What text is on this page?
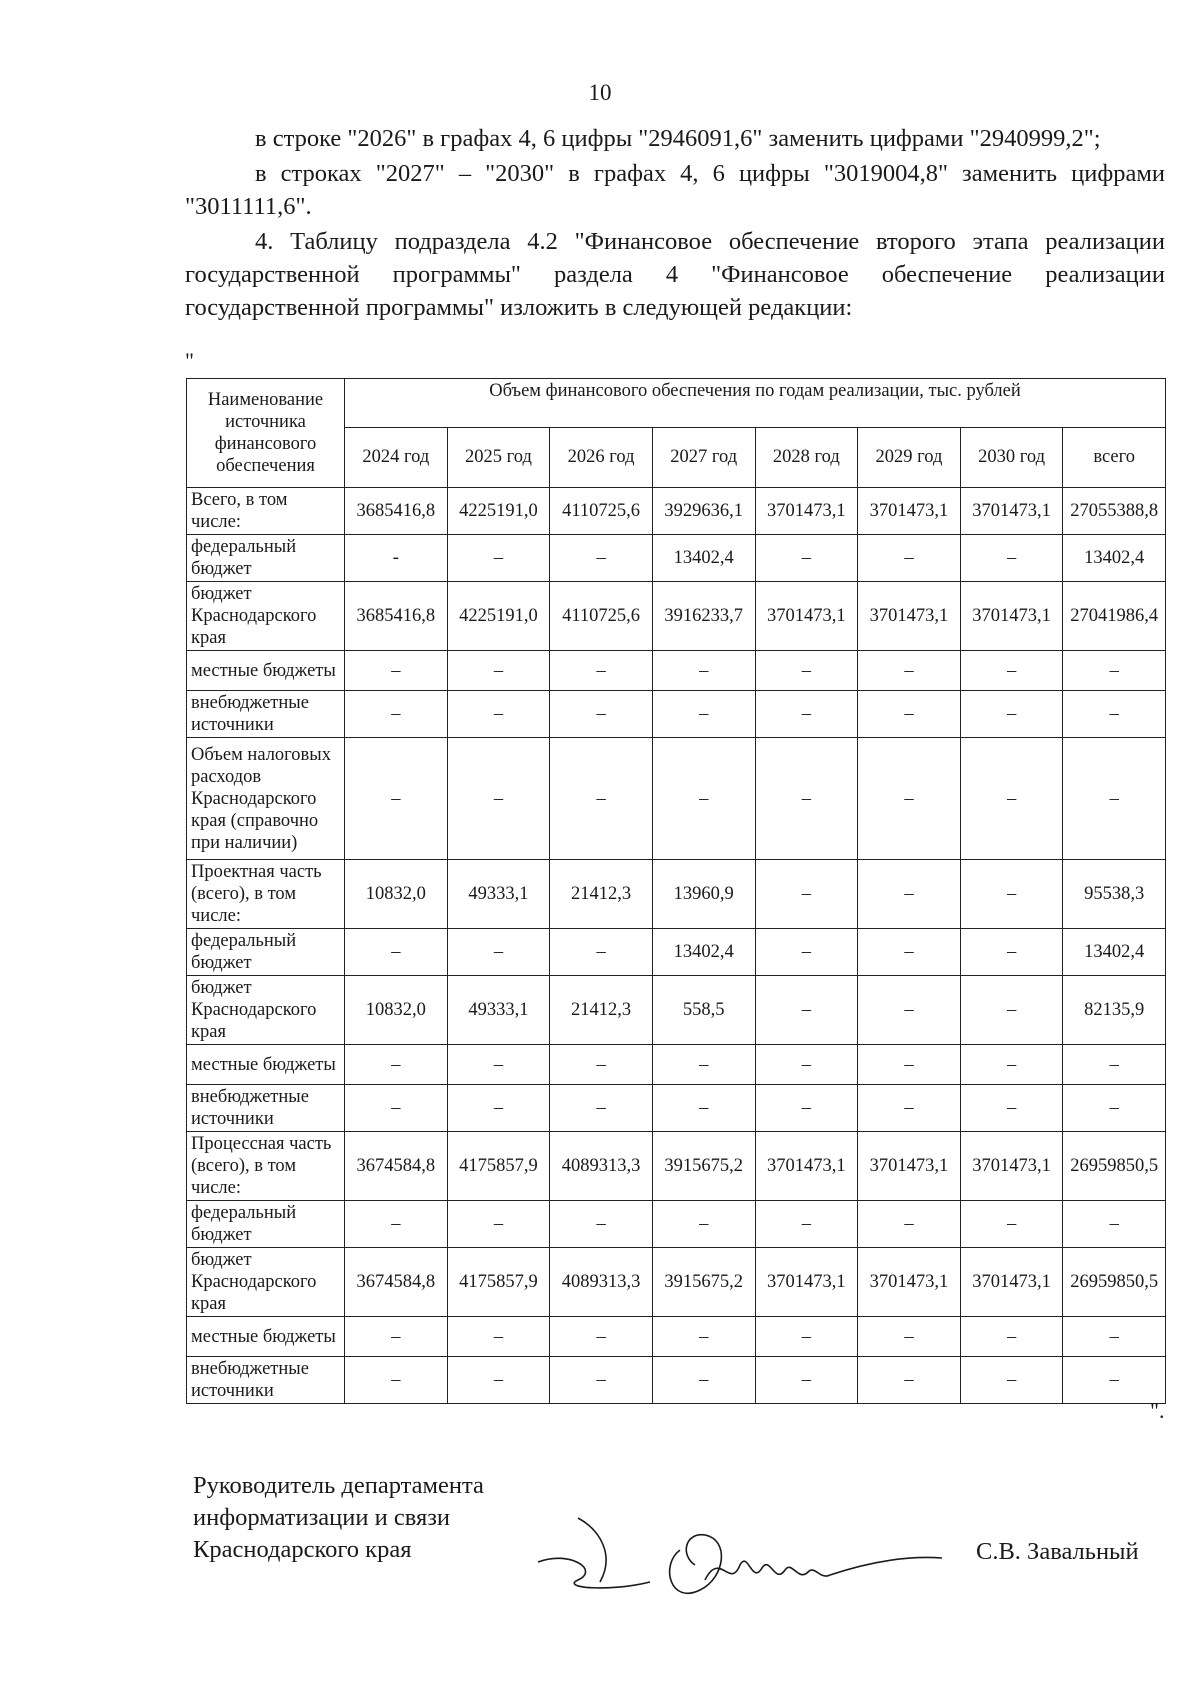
10

в строке "2026" в графах 4, 6 цифры "2946091,6" заменить цифрами "2940999,2";

в строках "2027" – "2030" в графах 4, 6 цифры "3019004,8" заменить цифрами "3011111,6".

4. Таблицу подраздела 4.2 "Финансовое обеспечение второго этапа реализации государственной программы" раздела 4 "Финансовое обеспечение реализации государственной программы" изложить в следующей редакции:

"
Наименование источника финансового обеспечения	Объем финансового обеспечения по годам реализации, тыс. рублей							
	2024 год	2025 год	2026 год	2027 год	2028 год	2029 год	2030 год	всего
Всего, в том числе:	3685416,8	4225191,0	4110725,6	3929636,1	3701473,1	3701473,1	3701473,1	27055388,8
федеральный бюджет	-	–	–	13402,4	–	–	–	13402,4
бюджет Краснодарского края	3685416,8	4225191,0	4110725,6	3916233,7	3701473,1	3701473,1	3701473,1	27041986,4
местные бюджеты	–	–	–	–	–	–	–	–
внебюджетные источники	–	–	–	–	–	–	–	–
Объем налоговых расходов Краснодарского края (справочно при наличии)	–	–	–	–	–	–	–	–
Проектная часть (всего), в том числе:	10832,0	49333,1	21412,3	13960,9	–	–	–	95538,3
федеральный бюджет	–	–	–	13402,4	–	–	–	13402,4
бюджет Краснодарского края	10832,0	49333,1	21412,3	558,5	–	–	–	82135,9
местные бюджеты	–	–	–	–	–	–	–	–
внебюджетные источники	–	–	–	–	–	–	–	–
Процессная часть (всего), в том числе:	3674584,8	4175857,9	4089313,3	3915675,2	3701473,1	3701473,1	3701473,1	26959850,5
федеральный бюджет	–	–	–	–	–	–	–	–
бюджет Краснодарского края	3674584,8	4175857,9	4089313,3	3915675,2	3701473,1	3701473,1	3701473,1	26959850,5
местные бюджеты	–	–	–	–	–	–	–	–
внебюджетные источники	–	–	–	–	–	–	–	–
".
Руководитель департамента
информатизации и связи
Краснодарского края	С.В. Завальный
